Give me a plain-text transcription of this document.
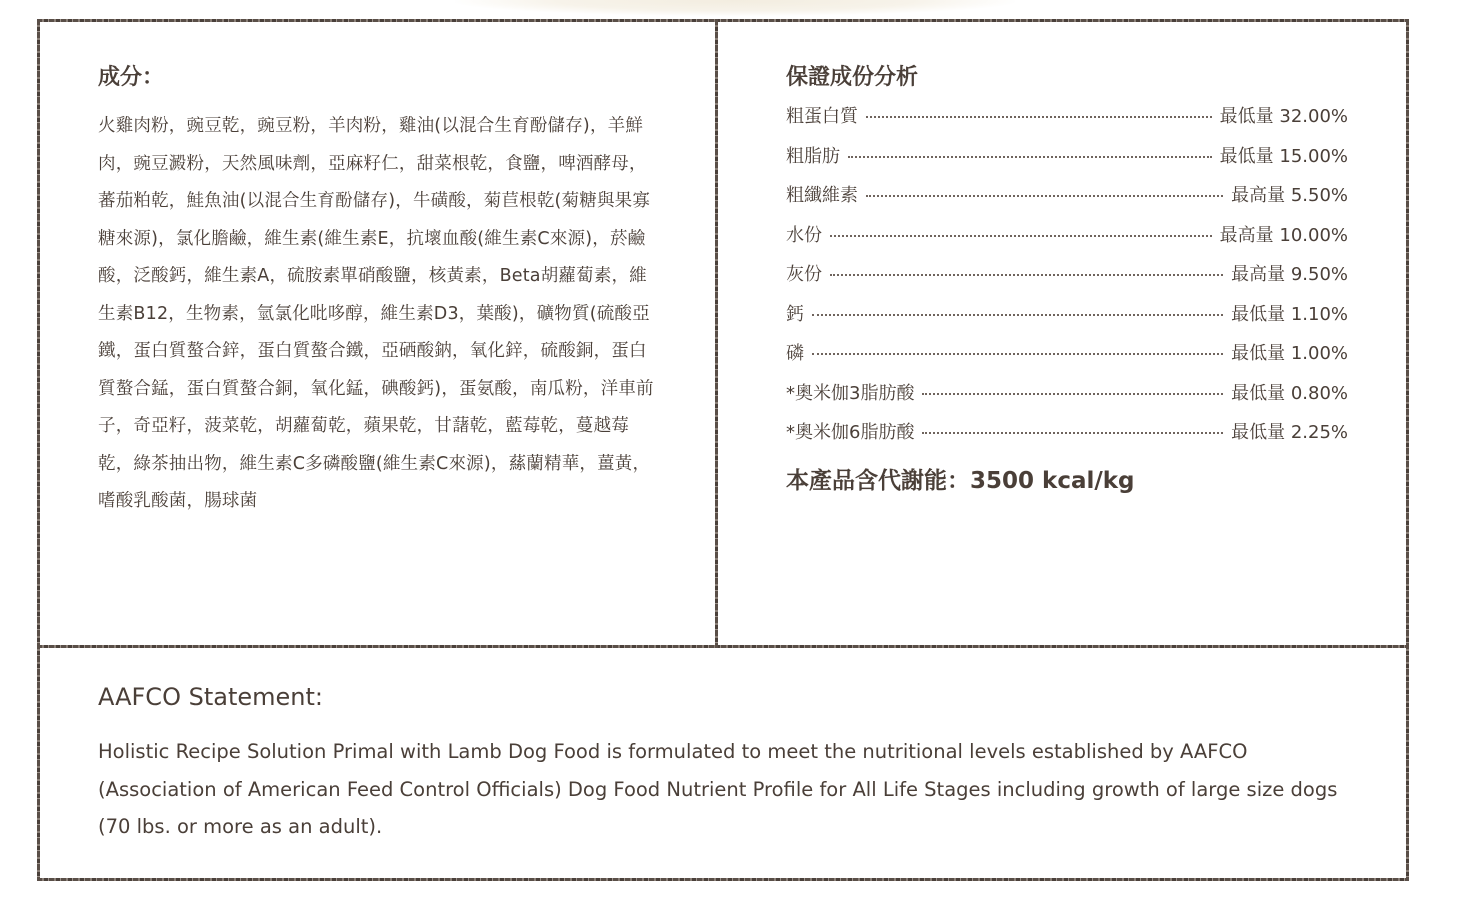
成分：

火雞肉粉，豌豆乾，豌豆粉，羊肉粉，雞油(以混合生育酚儲存)，羊鮮肉，豌豆澱粉，天然風味劑，亞麻籽仁，甜菜根乾，食鹽，啤酒酵母，蕃茄粕乾，鮭魚油(以混合生育酚儲存)，牛磺酸，菊苣根乾(菊糖與果寡糖來源)，氯化膽鹼，維生素(維生素E，抗壞血酸(維生素C來源)，菸鹼酸，泛酸鈣，維生素A，硫胺素單硝酸鹽，核黃素，Beta胡蘿蔔素，維生素B12，生物素，氫氯化吡哆醇，維生素D3，葉酸)，礦物質(硫酸亞鐵，蛋白質螯合鋅，蛋白質螯合鐵，亞硒酸鈉，氧化鋅，硫酸銅，蛋白質螯合錳，蛋白質螯合銅，氧化錳，碘酸鈣)，蛋氨酸，南瓜粉，洋車前子，奇亞籽，菠菜乾，胡蘿蔔乾，蘋果乾，甘藷乾，藍莓乾，蔓越莓乾，綠茶抽出物，維生素C多磷酸鹽(維生素C來源)，蕬蘭精華，薑黃，嗜酸乳酸菌，腸球菌

保證成份分析
粗蛋白質	最低量 32.00%
粗脂肪	最低量 15.00%
粗纖維素	最高量 5.50%
水份	最高量 10.00%
灰份	最高量 9.50%
鈣	最低量 1.10%
磷	最低量 1.00%
*奧米伽3脂肪酸	最低量 0.80%
*奧米伽6脂肪酸	最低量 2.25%

本產品含代謝能：3500 kcal/kg

AAFCO Statement:

Holistic Recipe Solution Primal with Lamb Dog Food is formulated to meet the nutritional levels established by AAFCO (Association of American Feed Control Officials) Dog Food Nutrient Profile for All Life Stages including growth of large size dogs (70 lbs. or more as an adult).
